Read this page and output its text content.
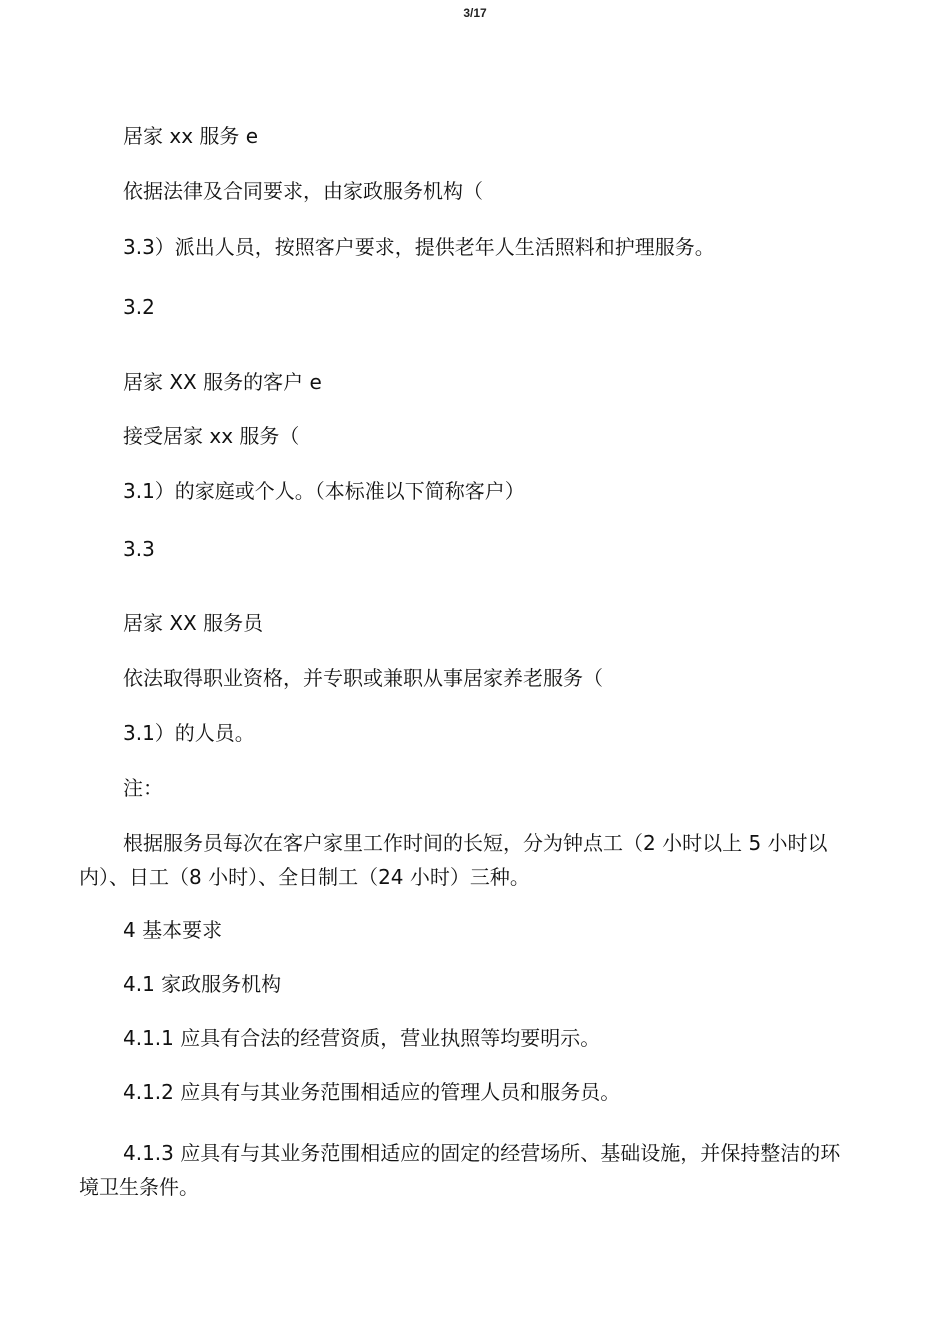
3/17
居家 xx 服务 e
依据法律及合同要求，由家政服务机构（
3.3）派出人员，按照客户要求，提供老年人生活照料和护理服务。
3.2
居家 XX 服务的客户 e
接受居家 xx 服务（
3.1）的家庭或个人。（本标准以下简称客户）
3.3
居家 XX 服务员
依法取得职业资格，并专职或兼职从事居家养老服务（
3.1）的人员。
注：
根据服务员每次在客户家里工作时间的长短，分为钟点工（2 小时以上 5 小时以内）、日工（8 小时）、全日制工（24 小时）三种。
4 基本要求
4.1 家政服务机构
4.1.1 应具有合法的经营资质，营业执照等均要明示。
4.1.2 应具有与其业务范围相适应的管理人员和服务员。
4.1.3 应具有与其业务范围相适应的固定的经营场所、基础设施，并保持整洁的环境卫生条件。
